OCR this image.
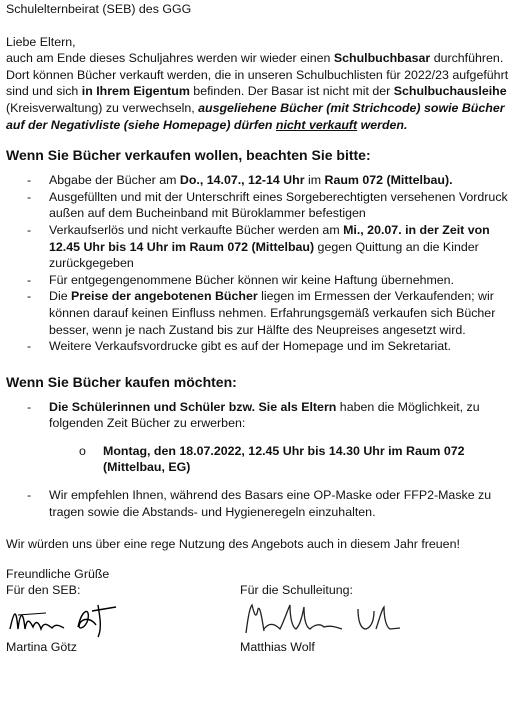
Schulelternbeirat (SEB) des GGG

Liebe Eltern,

auch am Ende dieses Schuljahres werden wir wieder einen Schulbuchbasar durchführen. Dort können Bücher verkauft werden, die in unseren Schulbuchlisten für 2022/23 aufgeführt sind und sich in Ihrem Eigentum befinden. Der Basar ist nicht mit der Schulbuchausleihe (Kreisverwaltung) zu verwechseln, ausgeliehene Bücher (mit Strichcode) sowie Bücher auf der Negativliste (siehe Homepage) dürfen nicht verkauft werden.

Wenn Sie Bücher verkaufen wollen, beachten Sie bitte:
- Abgabe der Bücher am Do., 14.07., 12-14 Uhr im Raum 072 (Mittelbau).
- Ausgefüllten und mit der Unterschrift eines Sorgeberechtigten versehenen Vordruck außen auf dem Bucheinband mit Büroklammer befestigen
- Verkaufserlös und nicht verkaufte Bücher werden am Mi., 20.07. in der Zeit von 12.45 Uhr bis 14 Uhr im Raum 072 (Mittelbau) gegen Quittung an die Kinder zurückgegeben
- Für entgegengenommene Bücher können wir keine Haftung übernehmen.
- Die Preise der angebotenen Bücher liegen im Ermessen der Verkaufenden; wir können darauf keinen Einfluss nehmen. Erfahrungsgemäß verkaufen sich Bücher besser, wenn je nach Zustand bis zur Hälfte des Neupreises angesetzt wird.
- Weitere Verkaufsvordrucke gibt es auf der Homepage und im Sekretariat.
Wenn Sie Bücher kaufen möchten:
- Die Schülerinnen und Schüler bzw. Sie als Eltern haben die Möglichkeit, zu folgenden Zeit Bücher zu erwerben:
o Montag, den 18.07.2022, 12.45 Uhr bis 14.30 Uhr im Raum 072 (Mittelbau, EG)
- Wir empfehlen Ihnen, während des Basars eine OP-Maske oder FFP2-Maske zu tragen sowie die Abstands- und Hygieneregeln einzuhalten.

Wir würden uns über eine rege Nutzung des Angebots auch in diesem Jahr freuen!

Freundliche Grüße

Für den SEB:
Martina Götz
Für die Schulleitung:
Matthias Wolf
